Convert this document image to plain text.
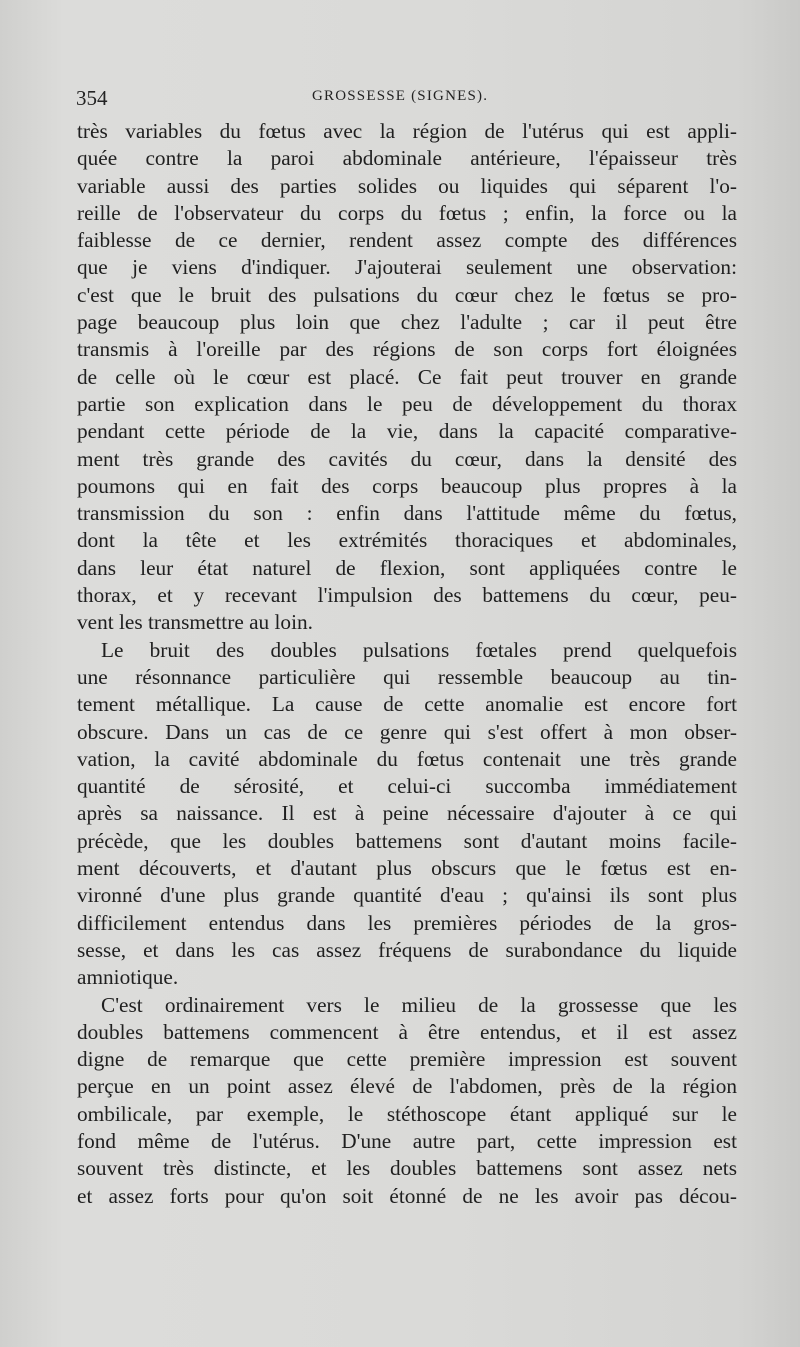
354	GROSSESSE (SIGNES).
très variables du fœtus avec la région de l'utérus qui est appli-
quée contre la paroi abdominale antérieure, l'épaisseur très
variable aussi des parties solides ou liquides qui séparent l'o-
reille de l'observateur du corps du fœtus ; enfin, la force ou la
faiblesse de ce dernier, rendent assez compte des différences
que je viens d'indiquer. J'ajouterai seulement une observation:
c'est que le bruit des pulsations du cœur chez le fœtus se pro-
page beaucoup plus loin que chez l'adulte ; car il peut être
transmis à l'oreille par des régions de son corps fort éloignées
de celle où le cœur est placé. Ce fait peut trouver en grande
partie son explication dans le peu de développement du thorax
pendant cette période de la vie, dans la capacité comparative-
ment très grande des cavités du cœur, dans la densité des
poumons qui en fait des corps beaucoup plus propres à la
transmission du son : enfin dans l'attitude même du fœtus,
dont la tête et les extrémités thoraciques et abdominales,
dans leur état naturel de flexion, sont appliquées contre le
thorax, et y recevant l'impulsion des battemens du cœur, peu-
vent les transmettre au loin.
Le bruit des doubles pulsations fœtales prend quelquefois
une résonnance particulière qui ressemble beaucoup au tin-
tement métallique. La cause de cette anomalie est encore fort
obscure. Dans un cas de ce genre qui s'est offert à mon obser-
vation, la cavité abdominale du fœtus contenait une très grande
quantité de sérosité, et celui-ci succomba immédiatement
après sa naissance. Il est à peine nécessaire d'ajouter à ce qui
précède, que les doubles battemens sont d'autant moins facile-
ment découverts, et d'autant plus obscurs que le fœtus est en-
vironné d'une plus grande quantité d'eau ; qu'ainsi ils sont plus
difficilement entendus dans les premières périodes de la gros-
sesse, et dans les cas assez fréquens de surabondance du liquide
amniotique.
C'est ordinairement vers le milieu de la grossesse que les
doubles battemens commencent à être entendus, et il est assez
digne de remarque que cette première impression est souvent
perçue en un point assez élevé de l'abdomen, près de la région
ombilicale, par exemple, le stéthoscope étant appliqué sur le
fond même de l'utérus. D'une autre part, cette impression est
souvent très distincte, et les doubles battemens sont assez nets
et assez forts pour qu'on soit étonné de ne les avoir pas décou-
